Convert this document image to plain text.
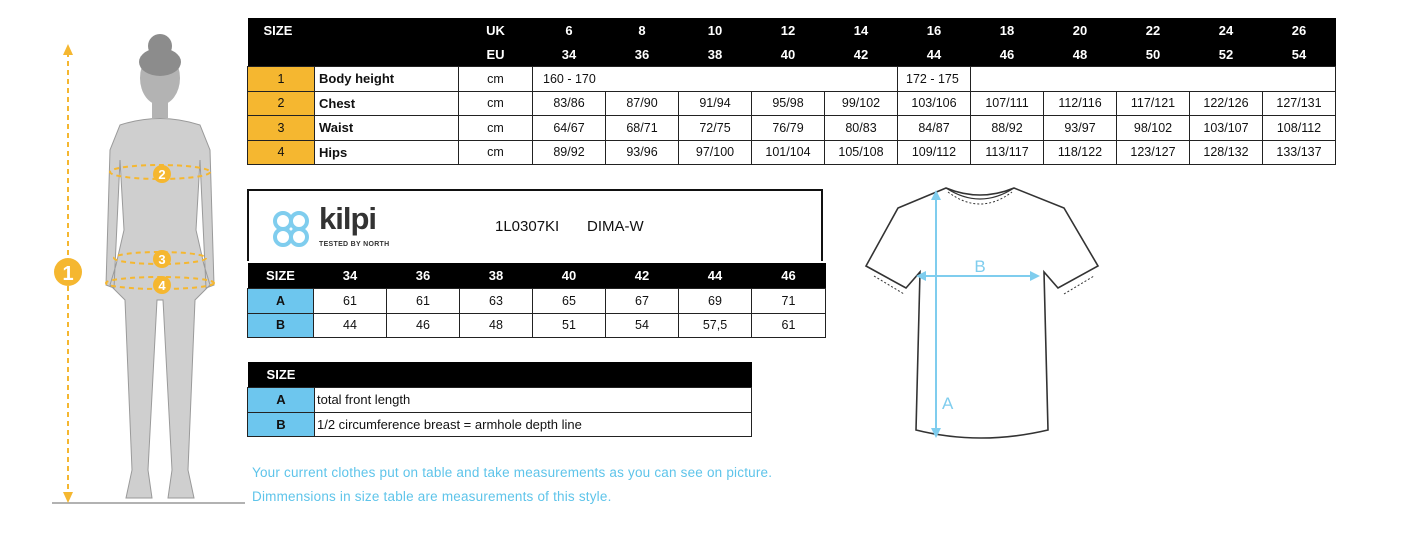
1
2
3
4
SIZE			UK	6	8	10	12	14	16	18	20	22	24	26
			EU	34	36	38	40	42	44	46	48	50	52	54
1	Body height		cm	160 - 170					172 - 175					
2	Chest		cm	83/86	87/90	91/94	95/98	99/102	103/106	107/111	112/116	117/121	122/126	127/131
3	Waist		cm	64/67	68/71	72/75	76/79	80/83	84/87	88/92	93/97	98/102	103/107	108/112
4	Hips		cm	89/92	93/96	97/100	101/104	105/108	109/112	113/117	118/122	123/127	128/132	133/137
kilpi
TESTED BY NORTH
1L0307KI DIMA-W
SIZE	34	36	38	40	42	44	46
A	61	61	63	65	67	69	71
B	44	46	48	51	54	57,5	61
SIZE	
A	total front length
B	1/2 circumference breast = armhole depth line
B
A
Your current clothes put on table and take measurements as you can see on picture.
Dimmensions in size table are measurements of this style.
